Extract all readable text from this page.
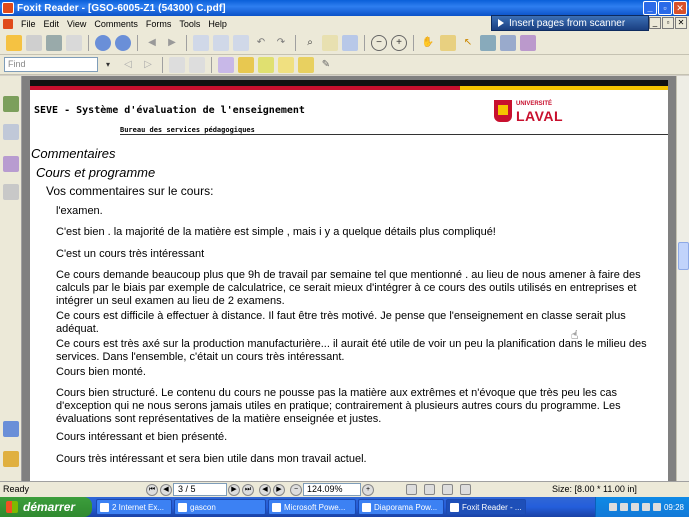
Foxit Reader - [GSO-6005-Z1 (54300) C.pdf]	_	▫	✕
File Edit View Comments Forms Tools Help	Insert pages from scanner	_	▫	✕
◀	▶	↶	↷	⌕	−	+	✋	↖
Find	▾	◁	▷	✎
SEVE - Système d'évaluation de l'enseignement
Bureau des services pédagogiques
UNIVERSITÉ
LAVAL
Commentaires
Cours et programme
Vos commentaires sur le cours:
l'examen.
C'est bien . la majorité de la matière est simple , mais i y a quelque détails plus compliqué!
C'est un cours très intéressant
Ce cours demande beaucoup plus que 9h de travail par semaine tel que mentionné . au lieu de nous amener à faire des calculs par le biais par exemple de calculatrice, ce serait mieux d'intégrer à ce cours des outils utilisés en entreprises et intégrer un seul examen au lieu de 2 examens.
Ce cours est difficile à effectuer à distance. Il faut être très motivé. Je pense que l'enseignement en classe serait plus adéquat.
Ce cours est très axé sur la production manufacturière... il aurait été utile de voir un peu la planification dans le milieu des services. Dans l'ensemble, c'était un cours très intéressant.
Cours bien monté.
Cours bien structuré. Le contenu du cours ne pousse pas la matière aux extrêmes et n'évoque que très peu les cas d'exception qui ne nous serons jamais utiles en pratique; contrairement à plusieurs autres cours du programme. Les évaluations sont représentatives de la matière enseignée et justes.
Cours intéressant et bien présenté.
Cours très intéressant et sera bien utile dans mon travail actuel.
☝
Ready	⏮	◀	3 / 5	▶	⏭	◀	▶	− 124.09%	+	Size: [8.00 * 11.00 in]
démarrer	2 Internet Ex...	gascon	Microsoft Powe...	Diaporama Pow...	Foxit Reader - ...	09:28
